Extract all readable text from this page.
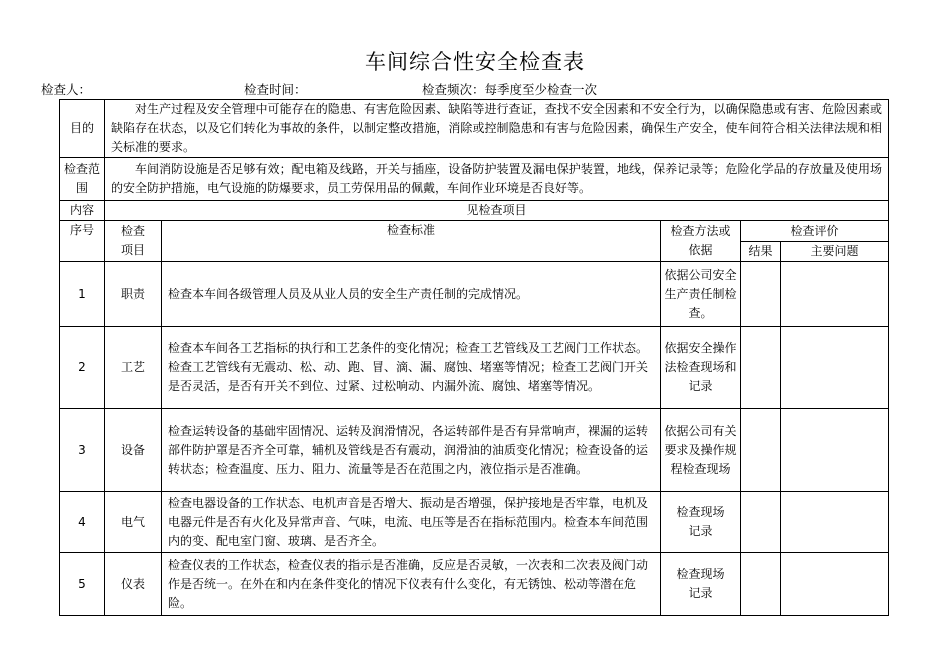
车间综合性安全检查表
检查人：	检查时间：	检查频次：每季度至少检查一次
目的	对生产过程及安全管理中可能存在的隐患、有害危险因素、缺陷等进行查证，查找不安全因素和不安全行为，以确保隐患或有害、危险因素或缺陷存在状态，以及它们转化为事故的条件，以制定整改措施，消除或控制隐患和有害与危险因素，确保生产安全，使车间符合相关法律法规和相关标准的要求。				
检查范围	车间消防设施是否足够有效；配电箱及线路，开关与插座，设备防护装置及漏电保护装置，地线，保养记录等；危险化学品的存放量及使用场的安全防护措施，电气设施的防爆要求，员工劳保用品的佩戴，车间作业环境是否良好等。				
内容	见检查项目				
序号	检查项目	检查标准	检查方法或依据	检查评价	
				结果	主要问题
1	职责	检查本车间各级管理人员及从业人员的安全生产责任制的完成情况。	依据公司安全生产责任制检查。		
2	工艺	检查本车间各工艺指标的执行和工艺条件的变化情况；检查工艺管线及工艺阀门工作状态。检查工艺管线有无震动、松、动、跑、冒、滴、漏、腐蚀、堵塞等情况；检查工艺阀门开关是否灵活，是否有开关不到位、过紧、过松响动、内漏外流、腐蚀、堵塞等情况。	依据安全操作法检查现场和记录		
3	设备	检查运转设备的基础牢固情况、运转及润滑情况，各运转部件是否有异常响声，裸漏的运转部件防护罩是否齐全可靠，辅机及管线是否有震动，润滑油的油质变化情况；检查设备的运转状态；检查温度、压力、阻力、流量等是否在范围之内，液位指示是否准确。	依据公司有关要求及操作规程检查现场		
4	电气	检查电器设备的工作状态、电机声音是否增大、振动是否增强，保护接地是否牢靠，电机及电器元件是否有火化及异常声音、气味，电流、电压等是否在指标范围内。检查本车间范围内的变、配电室门窗、玻璃、是否齐全。	检查现场记录		
5	仪表	检查仪表的工作状态，检查仪表的指示是否准确，反应是否灵敏，一次表和二次表及阀门动作是否统一。在外在和内在条件变化的情况下仪表有什么变化，有无锈蚀、松动等潜在危险。	检查现场记录		
